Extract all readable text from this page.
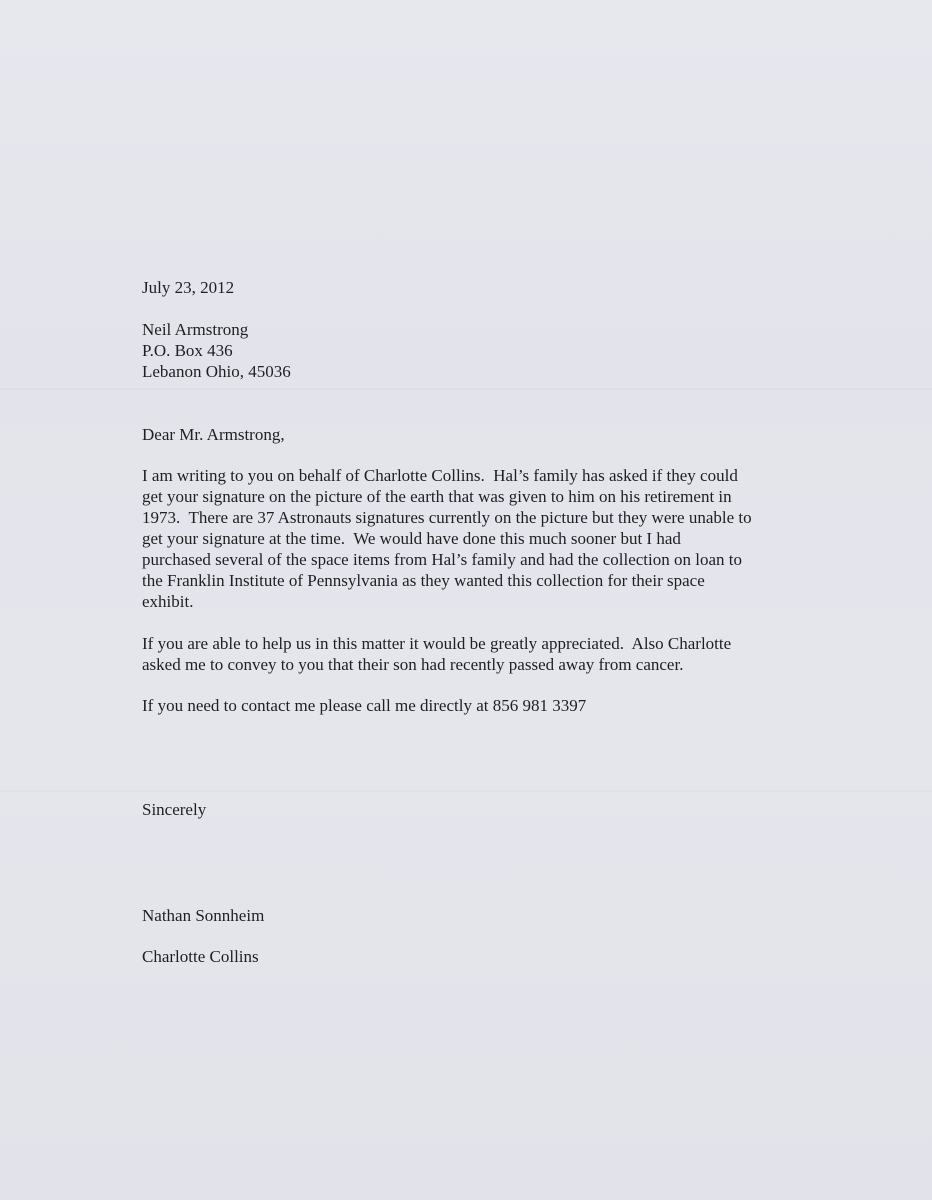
July 23, 2012
Neil Armstrong
P.O. Box 436
Lebanon Ohio, 45036
Dear Mr. Armstrong,
I am writing to you on behalf of Charlotte Collins.  Hal’s family has asked if they could
get your signature on the picture of the earth that was given to him on his retirement in
1973.  There are 37 Astronauts signatures currently on the picture but they were unable to
get your signature at the time.  We would have done this much sooner but I had
purchased several of the space items from Hal’s family and had the collection on loan to
the Franklin Institute of Pennsylvania as they wanted this collection for their space
exhibit.
If you are able to help us in this matter it would be greatly appreciated.  Also Charlotte
asked me to convey to you that their son had recently passed away from cancer.
If you need to contact me please call me directly at 856 981 3397
Sincerely
Nathan Sonnheim
Charlotte Collins
